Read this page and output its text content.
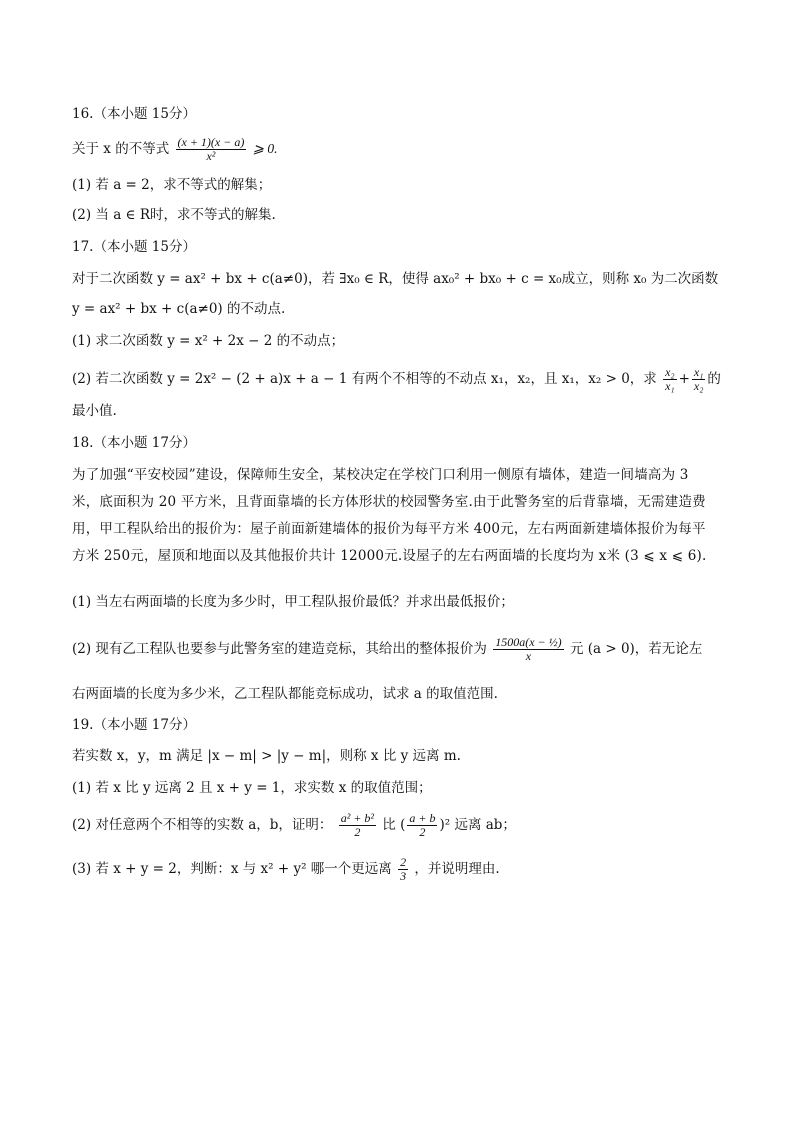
16.（本小题 15分）
关于 x 的不等式 $\frac{(x + 1)(x - a)}{\text{x²}}$ ⩾ 0.
(1) 若 a = 2，求不等式的解集；
(2) 当 a ∈ R时，求不等式的解集.
17.（本小题 15分）
对于二次函数 y = ax² + bx + c(a≠0)，若 ∃x₀ ∈ R，使得 ax₀² + bx₀ + c = x₀成立，则称 x₀ 为二次函数
y = ax² + bx + c(a≠0) 的不动点.
(1) 求二次函数 y = x² + 2x − 2 的不动点；
(2) 若二次函数 y = 2x² − (2 + a)x + a − 1 有两个不相等的不动点 x₁，x₂，且 x₁，x₂ > 0，求 $\frac{\text{x₂}}{\text{x₁}} + \frac{\text{x₁}}{\text{x₂}}$ 的
最小值.
18.（本小题 17分）
为了加强“平安校园”建设，保障师生安全，某校决定在学校门口利用一侧原有墙体，建造一间墙高为 3
米，底面积为 20 平方米，且背面靠墙的长方体形状的校园警务室.由于此警务室的后背靠墙，无需建造费
用，甲工程队给出的报价为：屋子前面新建墙体的报价为每平方米 400元，左右两面新建墙体报价为每平
方米 250元，屋顶和地面以及其他报价共计 12000元.设屋子的左右两面墙的长度均为 x米 (3 ⩽ x ⩽ 6).
(1) 当左右两面墙的长度为多少时，甲工程队报价最低？并求出最低报价；
(2) 现有乙工程队也要参与此警务室的建造竞标，其给出的整体报价为 $\frac{\text{1500a(x − ½)}}{x}$ 元 (a > 0)，若无论左
右两面墙的长度为多少米，乙工程队都能竞标成功，试求 a 的取值范围.
19.（本小题 17分）
若实数 x，y，m 满足 |x − m| > |y − m|，则称 x 比 y 远离 m.
(1) 若 x 比 y 远离 2 且 x + y = 1，求实数 x 的取值范围；
(2) 对任意两个不相等的实数 a，b，证明： $\frac{\text{a² + b²}}{2}$ 比 ( $\frac{a + b}{2} )^2$ 远离 ab；
(3) 若 x + y = 2，判断：x 与 x² + y² 哪一个更远离 $\frac{2}{3}$ ，并说明理由.
